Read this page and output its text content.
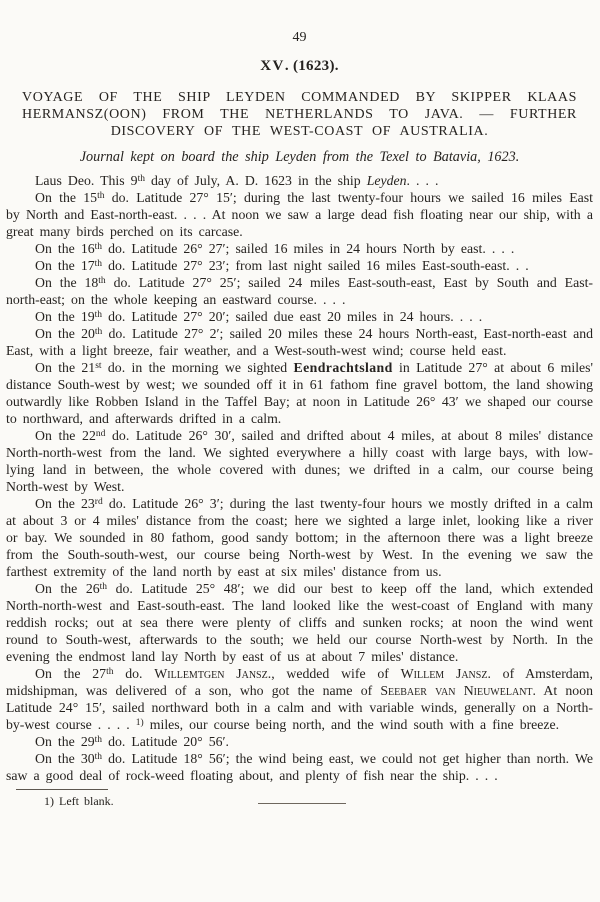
49
XV. (1623).
VOYAGE OF THE SHIP LEYDEN COMMANDED BY SKIPPER KLAAS
HERMANSZ(OON) FROM THE NETHERLANDS TO JAVA. — FURTHER
DISCOVERY OF THE WEST-COAST OF AUSTRALIA.
Journal kept on board the ship Leyden from the Texel to Batavia, 1623.

Laus Deo. This 9th day of July, A. D. 1623 in the ship Leyden. . . .

On the 15th do. Latitude 27° 15′; during the last twenty-four hours we sailed 16 miles East by North and East-north-east. . . . At noon we saw a large dead fish floating near our ship, with a great many birds perched on its carcase.

On the 16th do. Latitude 26° 27′; sailed 16 miles in 24 hours North by east. . . .

On the 17th do. Latitude 27° 23′; from last night sailed 16 miles East-south-east. . .

On the 18th do. Latitude 27° 25′; sailed 24 miles East-south-east, East by South and East-north-east; on the whole keeping an eastward course. . . .

On the 19th do. Latitude 27° 20′; sailed due east 20 miles in 24 hours. . . .

On the 20th do. Latitude 27° 2′; sailed 20 miles these 24 hours North-east, East-north-east and East, with a light breeze, fair weather, and a West-south-west wind; course held east.

On the 21st do. in the morning we sighted Eendrachtsland in Latitude 27° at about 6 miles' distance South-west by west; we sounded off it in 61 fathom fine gravel bottom, the land showing outwardly like Robben Island in the Taffel Bay; at noon in Latitude 26° 43′ we shaped our course to northward, and afterwards drifted in a calm.

On the 22nd do. Latitude 26° 30′, sailed and drifted about 4 miles, at about 8 miles' distance North-north-west from the land. We sighted everywhere a hilly coast with large bays, with low-lying land in between, the whole covered with dunes; we drifted in a calm, our course being North-west by West.

On the 23rd do. Latitude 26° 3′; during the last twenty-four hours we mostly drifted in a calm at about 3 or 4 miles' distance from the coast; here we sighted a large inlet, looking like a river or bay. We sounded in 80 fathom, good sandy bottom; in the afternoon there was a light breeze from the South-south-west, our course being North-west by West. In the evening we saw the farthest extremity of the land north by east at six miles' distance from us.

On the 26th do. Latitude 25° 48′; we did our best to keep off the land, which extended North-north-west and East-south-east. The land looked like the west-coast of England with many reddish rocks; out at sea there were plenty of cliffs and sunken rocks; at noon the wind went round to South-west, afterwards to the south; we held our course North-west by North. In the evening the endmost land lay North by east of us at about 7 miles' distance.

On the 27th do. Willemtgen Jansz., wedded wife of Willem Jansz. of Amsterdam, midshipman, was delivered of a son, who got the name of Seebaer van Nieuwelant. At noon Latitude 24° 15′, sailed northward both in a calm and with variable winds, generally on a North-by-west course . . . . $^{1)}$ miles, our course being north, and the wind south with a fine breeze.

On the 29th do. Latitude 20° 56′.

On the 30th do. Latitude 18° 56′; the wind being east, we could not get higher than north. We saw a good deal of rock-weed floating about, and plenty of fish near the ship. . . .

1) Left blank.
